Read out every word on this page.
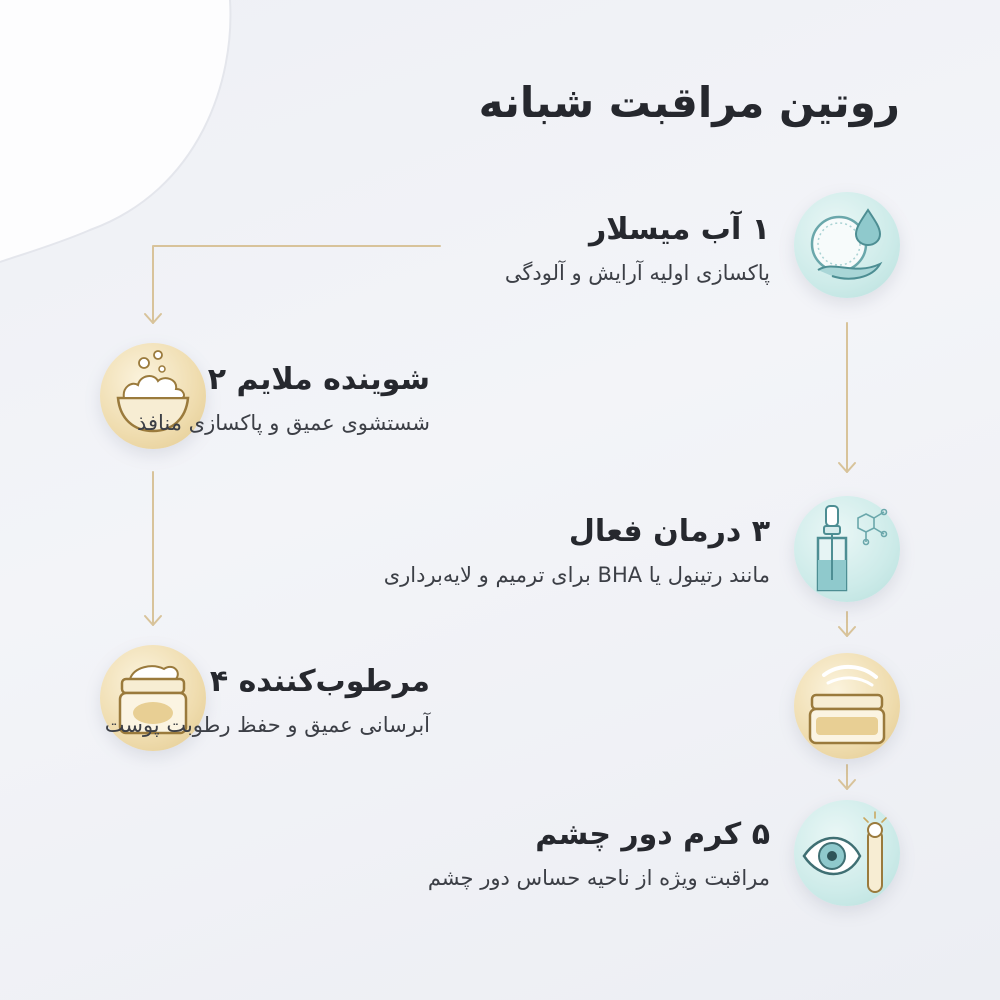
روتین مراقبت شبانه
۱ آب میسلار
پاکسازی اولیه آرایش و آلودگی
شوینده ملایم ۲
شستشوی عمیق و پاکسازی منافذ
۳ درمان فعال
مانند رتینول یا BHA برای ترمیم و لایه‌برداری
مرطوب‌کننده ۴
آبرسانی عمیق و حفظ رطوبت پوست
۵ کرم دور چشم
مراقبت ویژه از ناحیه حساس دور چشم
